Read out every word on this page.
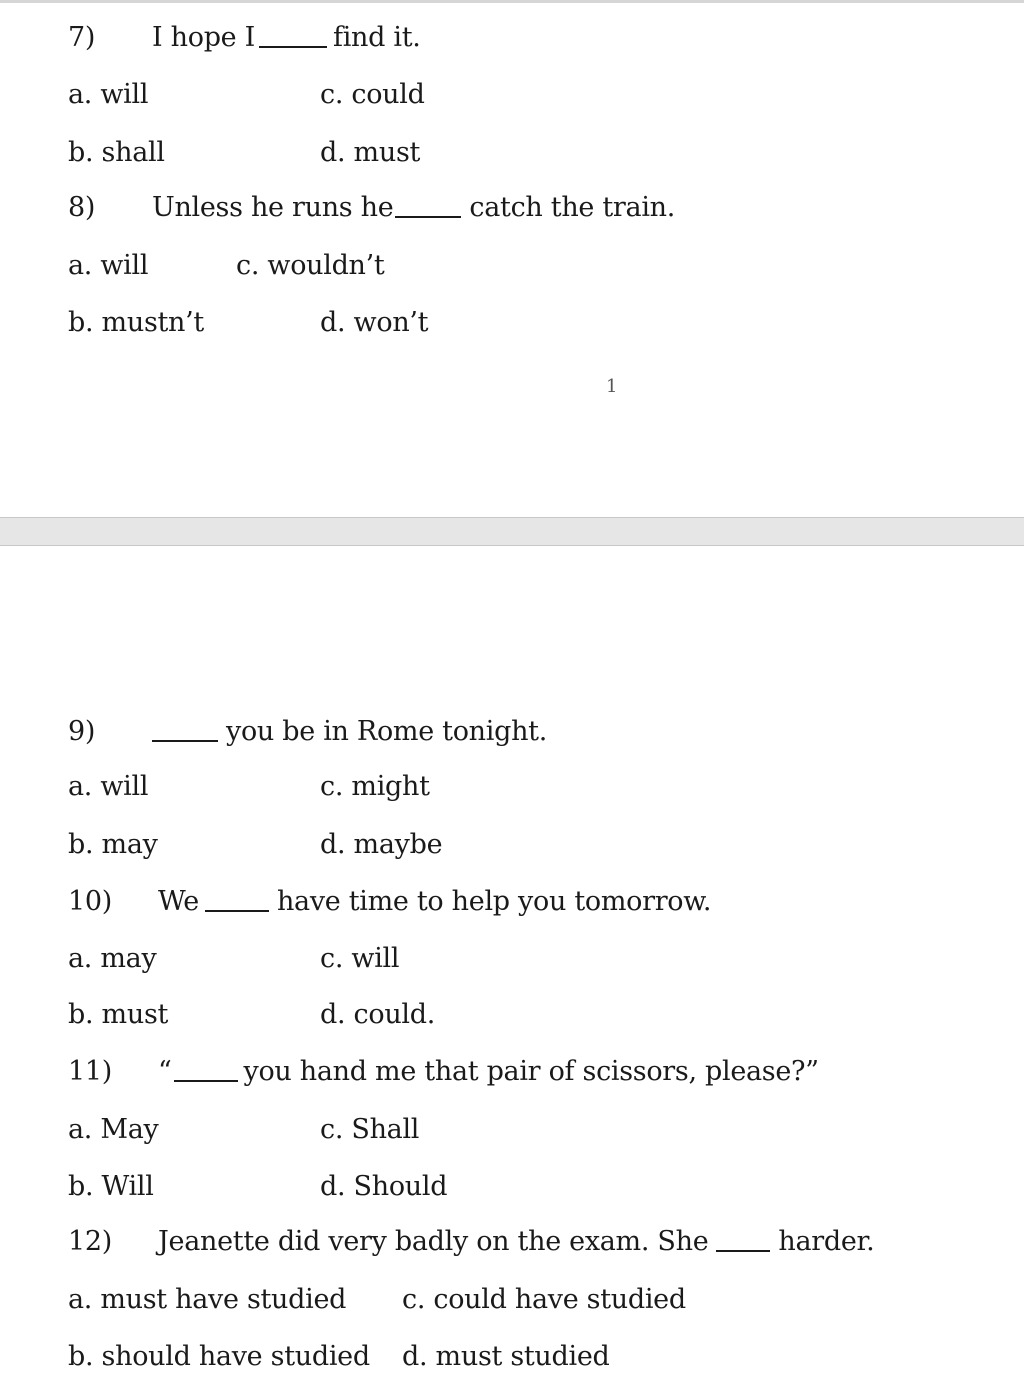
7) I hope I	find it.
a. will	c. could
b. shall	d. must
8) Unless he runs he	catch the train.
a. will	c. wouldn’t
b. mustn’t	d. won’t
1
9)	you be in Rome tonight.
a. will	c. might
b. may	d. maybe
10) We	have time to help you tomorrow.
a. may	c. will
b. must	d. could.
11) “	you hand me that pair of scissors, please?”
a. May	c. Shall
b. Will	d. Should
12) Jeanette did very badly on the exam. She	harder.
a. must have studied c. could have studied
b. should have studied d. must studied
